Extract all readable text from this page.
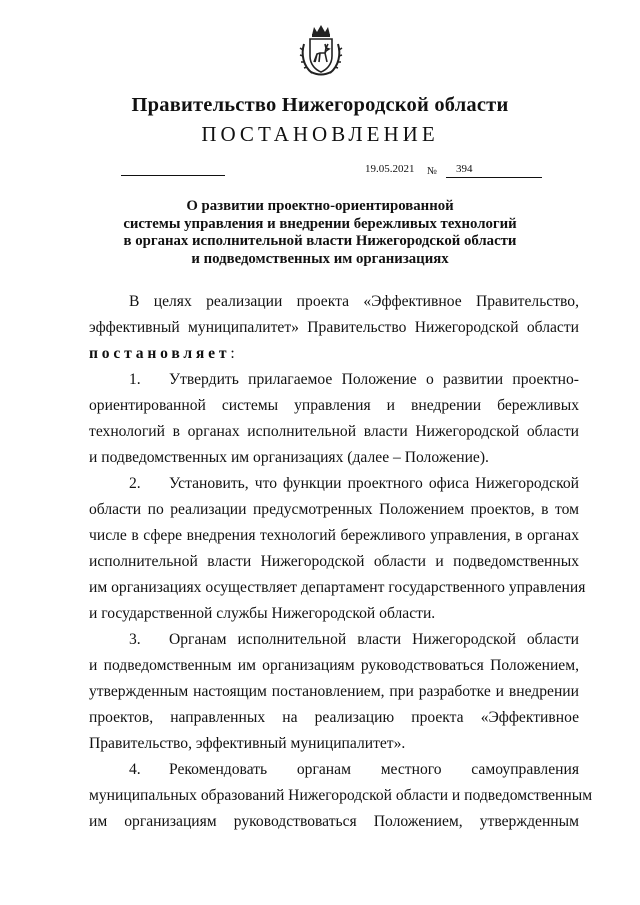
Правительство Нижегородской области
ПОСТАНОВЛЕНИЕ
19.05.2021 № 394
О развитии проектно-ориентированной
системы управления и внедрении бережливых технологий
в органах исполнительной власти Нижегородской области
и подведомственных им организациях
В целях реализации проекта «Эффективное Правительство,
эффективный муниципалитет» Правительство Нижегородской области
постановляет:
1. Утвердить прилагаемое Положение о развитии проектно-
ориентированной системы управления и внедрении бережливых
технологий в органах исполнительной власти Нижегородской области
и подведомственных им организациях (далее – Положение).
2. Установить, что функции проектного офиса Нижегородской
области по реализации предусмотренных Положением проектов, в том
числе в сфере внедрения технологий бережливого управления, в органах
исполнительной власти Нижегородской области и подведомственных
им организациях осуществляет департамент государственного управления
и государственной службы Нижегородской области.
3. Органам исполнительной власти Нижегородской области
и подведомственным им организациям руководствоваться Положением,
утвержденным настоящим постановлением, при разработке и внедрении
проектов, направленных на реализацию проекта «Эффективное
Правительство, эффективный муниципалитет».
4. Рекомендовать органам местного самоуправления
муниципальных образований Нижегородской области и подведомственным
им организациям руководствоваться Положением, утвержденным
